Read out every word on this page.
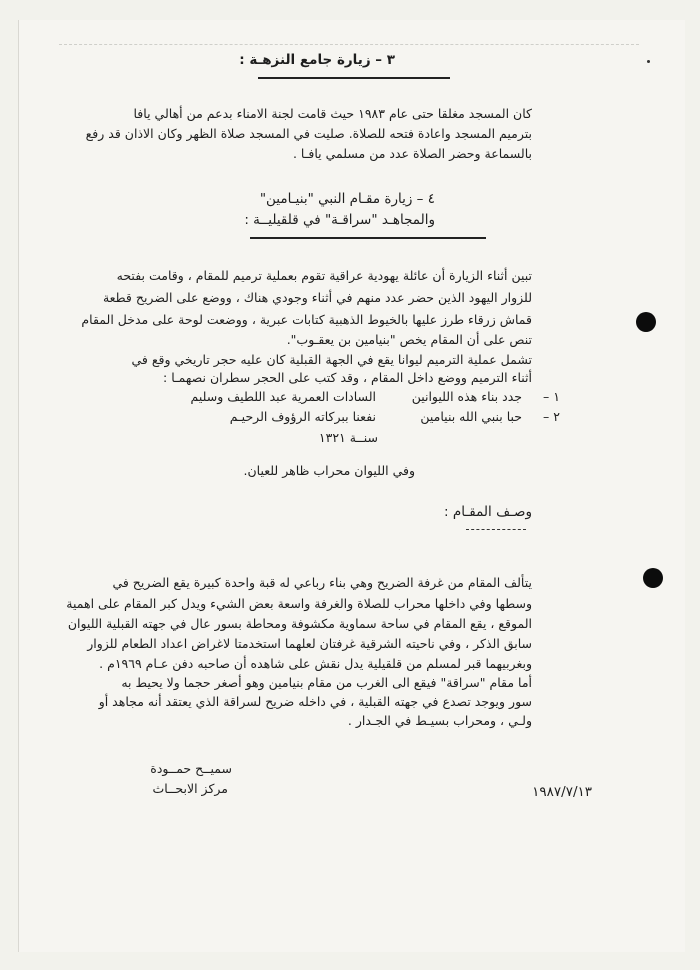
٣ – زيارة جامع النزهـة :
كان المسجد مغلقا حتى عام ١٩٨٣ حيث قامت لجنة الامناء بدعم من أهالي يافا
بترميم المسجد واعادة فتحه للصلاة. صليت في المسجد صلاة الظهر وكان الاذان قد رفع
بالسماعة وحضر الصلاة عدد من مسلمي يافـا .
٤ – زيارة مقـام النبي "بنيـامين"
والمجاهـد "سراقـة" في قلقيليــة :
تبين أثناء الزيارة أن عائلة يهودية عراقية تقوم بعملية ترميم للمقام ، وقامت بفتحه
للزوار اليهود الذين حضر عدد منهم في أثناء وجودي هناك ، ووضع على الضريح قطعة
قماش زرقاء طرز عليها بالخيوط الذهبية كتابات عبرية ، ووضعت لوحة على مدخل المقام
تنص على أن المقام يخص "بنيامين بن يعقـوب".
تشمل عملية الترميم ليوانا يقع في الجهة القبلية كان عليه حجر تاريخي وقع في
أثناء الترميم ووضع داخل المقام ، وقد كتب على الحجر سطران نصهمـا :
١ –
جدد بناء هذه الليوانين
السادات العمرية عبد اللطيف وسليم
٢ –
حبا بنبي الله بنيامين
نفعنا ببركاته الرؤوف الرحيـم
سنــة ١٣٢١
وفي الليوان محراب ظاهر للعيان.
وصـف المقـام :
يتألف المقام من غرفة الضريح وهي بناء رباعي له قبة واحدة كبيرة يقع الضريح في
وسطها وفي داخلها محراب للصلاة والغرفة واسعة بعض الشيء ويدل كبر المقام على اهمية
الموقع ، يقع المقام في ساحة سماوية مكشوفة ومحاطة بسور عال في جهته القبلية الليوان
سابق الذكر ، وفي ناحيته الشرقية غرفتان لعلهما استخدمتا لاغراض اعداد الطعام للزوار
وبغربيهما قبر لمسلم من قلقيلية يدل نقش على شاهده أن صاحبه دفن عـام ١٩٦٩م .
أما مقام "سراقة" فيقع الى الغرب من مقام بنيامين وهو أصغر حجما ولا يحيط به
سور ويوجد تصدع في جهته القبلية ، في داخله ضريح لسراقة الذي يعتقد أنه مجاهد أو
ولـي ، ومحراب بسيـط في الجـدار .
سميــح حمــودة
مركز الابحــاث	١٩٨٧/٧/١٣
